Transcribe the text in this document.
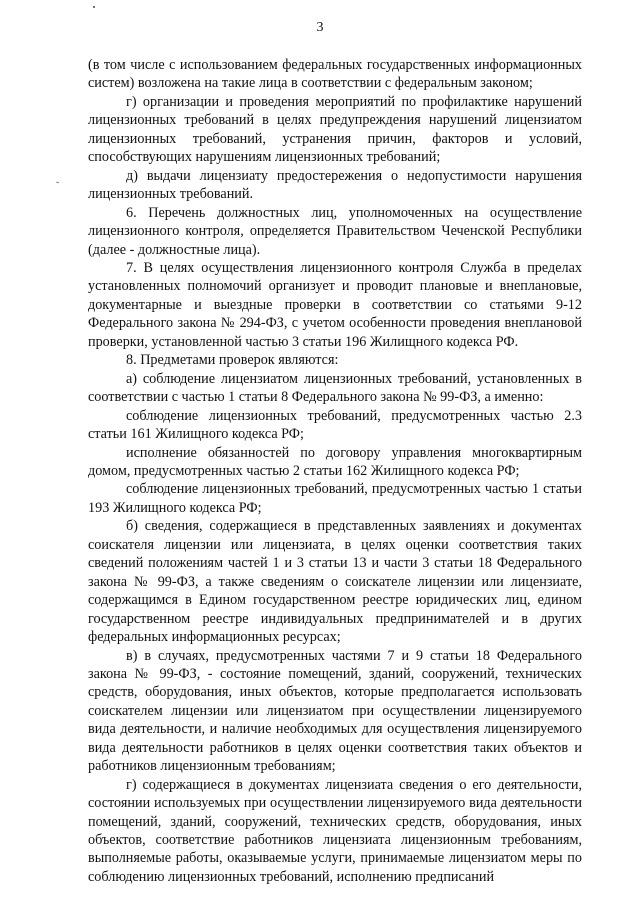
˘
3

(в том числе с использованием федеральных государственных информационных систем) возложена на такие лица в соответствии с федеральным законом;

г) организации и проведения мероприятий по профилактике нарушений лицензионных требований в целях предупреждения нарушений лицензиатом лицензионных требований, устранения причин, факторов и условий, способствующих нарушениям лицензионных требований;

д) выдачи лицензиату предостережения о недопустимости нарушения лицензионных требований.

6. Перечень должностных лиц, уполномоченных на осуществление лицензионного контроля, определяется Правительством Чеченской Республики (далее - должностные лица).

7. В целях осуществления лицензионного контроля Служба в пределах установленных полномочий организует и проводит плановые и внеплановые, документарные и выездные проверки в соответствии со статьями 9-12 Федерального закона № 294-ФЗ, с учетом особенности проведения внеплановой проверки, установленной частью 3 статьи 196 Жилищного кодекса РФ.

8. Предметами проверок являются:

а) соблюдение лицензиатом лицензионных требований, установленных в соответствии с частью 1 статьи 8 Федерального закона № 99-ФЗ, а именно:

соблюдение лицензионных требований, предусмотренных частью 2.3 статьи 161 Жилищного кодекса РФ;

исполнение обязанностей по договору управления многоквартирным домом, предусмотренных частью 2 статьи 162 Жилищного кодекса РФ;

соблюдение лицензионных требований, предусмотренных частью 1 статьи 193 Жилищного кодекса РФ;

б) сведения, содержащиеся в представленных заявлениях и документах соискателя лицензии или лицензиата, в целях оценки соответствия таких сведений положениям частей 1 и 3 статьи 13 и части 3 статьи 18 Федерального закона № 99-ФЗ, а также сведениям о соискателе лицензии или лицензиате, содержащимся в Едином государственном реестре юридических лиц, едином государственном реестре индивидуальных предпринимателей и в других федеральных информационных ресурсах;

в) в случаях, предусмотренных частями 7 и 9 статьи 18 Федерального закона № 99-ФЗ, - состояние помещений, зданий, сооружений, технических средств, оборудования, иных объектов, которые предполагается использовать соискателем лицензии или лицензиатом при осуществлении лицензируемого вида деятельности, и наличие необходимых для осуществления лицензируемого вида деятельности работников в целях оценки соответствия таких объектов и работников лицензионным требованиям;

г) содержащиеся в документах лицензиата сведения о его деятельности, состоянии используемых при осуществлении лицензируемого вида деятельности помещений, зданий, сооружений, технических средств, оборудования, иных объектов, соответствие работников лицензиата лицензионным требованиям, выполняемые работы, оказываемые услуги, принимаемые лицензиатом меры по соблюдению лицензионных требований, исполнению предписаний
